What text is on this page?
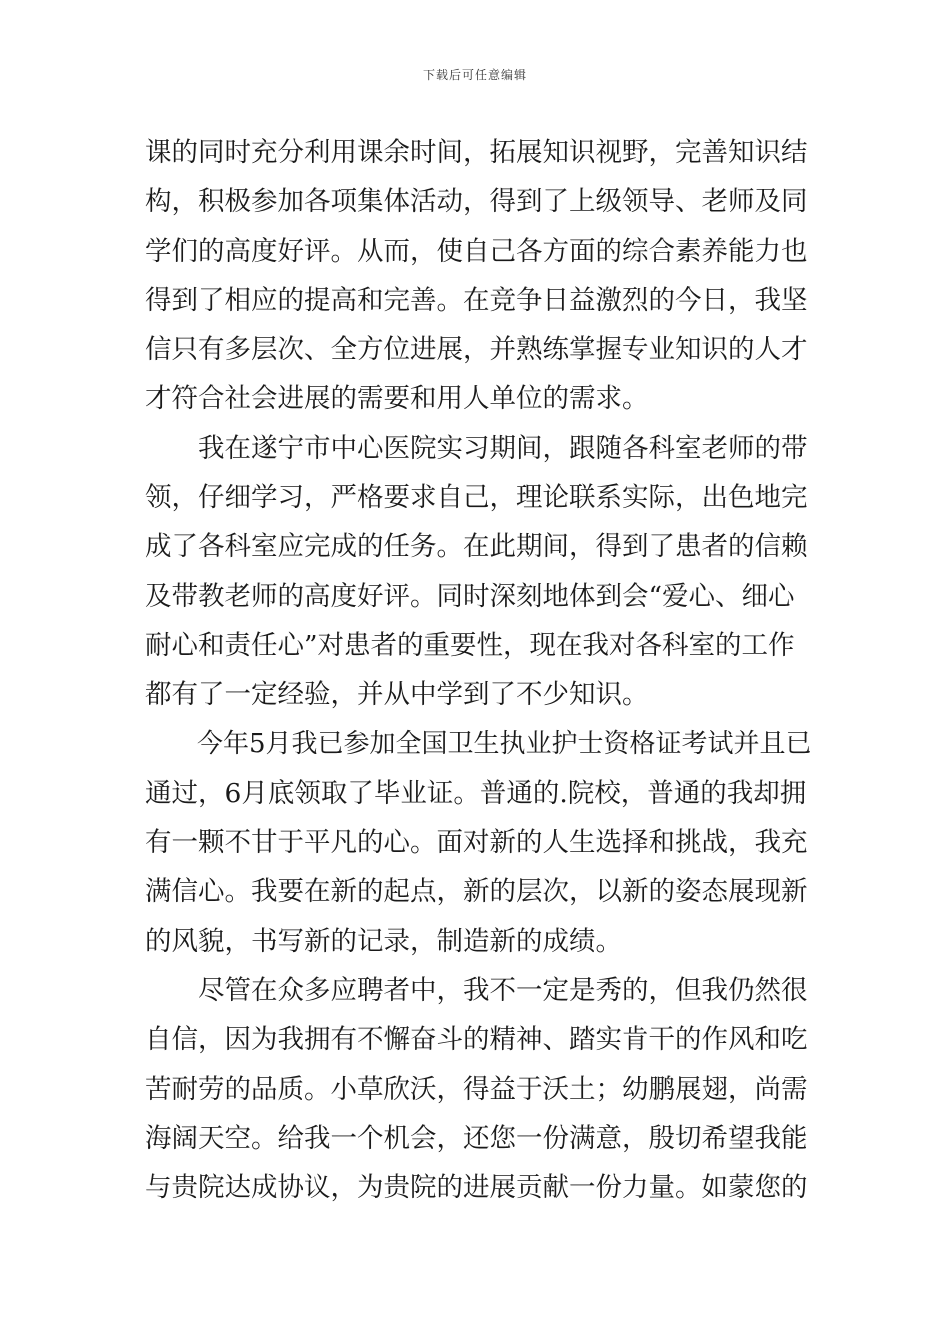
下载后可任意编辑
课的同时充分利用课余时间，拓展知识视野，完善知识结
构，积极参加各项集体活动，得到了上级领导、老师及同
学们的高度好评。从而，使自己各方面的综合素养能力也
得到了相应的提高和完善。在竞争日益激烈的今日，我坚
信只有多层次、全方位进展，并熟练掌握专业知识的人才
才符合社会进展的需要和用人单位的需求。
　　我在遂宁市中心医院实习期间，跟随各科室老师的带
领，仔细学习，严格要求自己，理论联系实际，出色地完
成了各科室应完成的任务。在此期间，得到了患者的信赖
及带教老师的高度好评。同时深刻地体到会“爱心、细心
耐心和责任心”对患者的重要性，现在我对各科室的工作
都有了一定经验，并从中学到了不少知识。
　　今年5月我已参加全国卫生执业护士资格证考试并且已
通过，6月底领取了毕业证。普通的.院校，普通的我却拥
有一颗不甘于平凡的心。面对新的人生选择和挑战，我充
满信心。我要在新的起点，新的层次，以新的姿态展现新
的风貌，书写新的记录，制造新的成绩。
　　尽管在众多应聘者中，我不一定是秀的，但我仍然很
自信，因为我拥有不懈奋斗的精神、踏实肯干的作风和吃
苦耐劳的品质。小草欣沃，得益于沃土；幼鹏展翅，尚需
海阔天空。给我一个机会，还您一份满意，殷切希望我能
与贵院达成协议，为贵院的进展贡献一份力量。如蒙您的
